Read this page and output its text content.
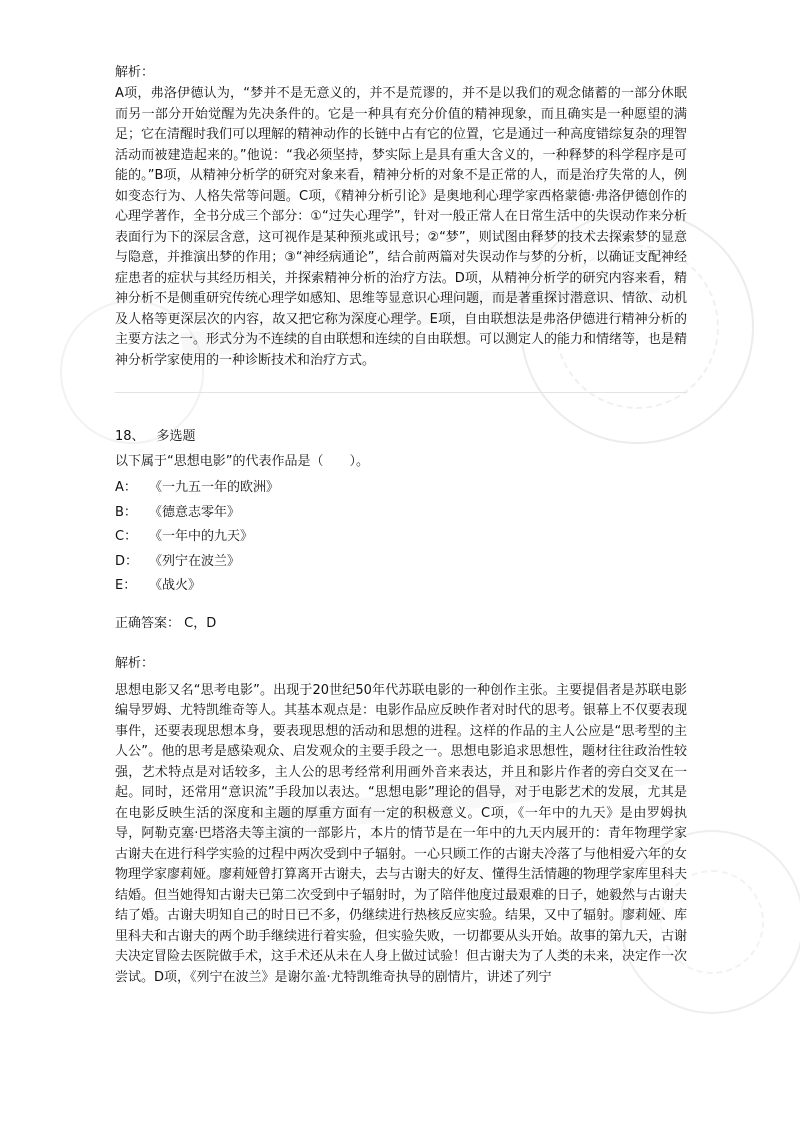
解析：

A项，弗洛伊德认为，“梦并不是无意义的，并不是荒谬的，并不是以我们的观念储蓄的一部分休眠而另一部分开始觉醒为先决条件的。它是一种具有充分价值的精神现象，而且确实是一种愿望的满足；它在清醒时我们可以理解的精神动作的长链中占有它的位置，它是通过一种高度错综复杂的理智活动而被建造起来的。”他说：“我必须坚持，梦实际上是具有重大含义的，一种释梦的科学程序是可能的。”B项，从精神分析学的研究对象来看，精神分析的对象不是正常的人，而是治疗失常的人，例如变态行为、人格失常等问题。C项，《精神分析引论》是奥地利心理学家西格蒙德·弗洛伊德创作的心理学著作，全书分成三个部分：①“过失心理学”，针对一般正常人在日常生活中的失误动作来分析表面行为下的深层含意，这可视作是某种预兆或讯号；②“梦”，则试图由释梦的技术去探索梦的显意与隐意，并推演出梦的作用；③“神经病通论”，结合前两篇对失误动作与梦的分析，以确证支配神经症患者的症状与其经历相关，并探索精神分析的治疗方法。D项，从精神分析学的研究内容来看，精神分析不是侧重研究传统心理学如感知、思维等显意识心理问题，而是著重探讨潜意识、情欲、动机及人格等更深层次的内容，故又把它称为深度心理学。E项，自由联想法是弗洛伊德进行精神分析的主要方法之一。形式分为不连续的自由联想和连续的自由联想。可以测定人的能力和情绪等，也是精神分析学家使用的一种诊断技术和治疗方式。

18、 多选题
以下属于“思想电影”的代表作品是（　　）。
A： 《一九五一年的欧洲》
B： 《德意志零年》
C： 《一年中的九天》
D： 《列宁在波兰》
E： 《战火》
正确答案： C，D
解析：

思想电影又名“思考电影”。出现于20世纪50年代苏联电影的一种创作主张。主要提倡者是苏联电影编导罗姆、尤特凯维奇等人。其基本观点是：电影作品应反映作者对时代的思考。银幕上不仅要表现事件，还要表现思想本身，要表现思想的活动和思想的进程。这样的作品的主人公应是“思考型的主人公”。他的思考是感染观众、启发观众的主要手段之一。思想电影追求思想性，题材往往政治性较强，艺术特点是对话较多，主人公的思考经常利用画外音来表达，并且和影片作者的旁白交叉在一起。同时，还常用“意识流”手段加以表达。“思想电影”理论的倡导，对于电影艺术的发展，尤其是在电影反映生活的深度和主题的厚重方面有一定的积极意义。C项，《一年中的九天》是由罗姆执导，阿勒克塞·巴塔洛夫等主演的一部影片，本片的情节是在一年中的九天内展开的：青年物理学家古谢夫在进行科学实验的过程中两次受到中子辐射。一心只顾工作的古谢夫冷落了与他相爱六年的女物理学家廖莉娅。廖莉娅曾打算离开古谢夫，去与古谢夫的好友、懂得生活情趣的物理学家库里科夫结婚。但当她得知古谢夫已第二次受到中子辐射时，为了陪伴他度过最艰难的日子，她毅然与古谢夫结了婚。古谢夫明知自己的时日已不多，仍继续进行热核反应实验。结果，又中了辐射。廖莉娅、库里科夫和古谢夫的两个助手继续进行着实验，但实验失败，一切都要从头开始。故事的第九天，古谢夫决定冒险去医院做手术，这手术还从未在人身上做过试验！但古谢夫为了人类的未来，决定作一次尝试。D项，《列宁在波兰》是谢尔盖·尤特凯维奇执导的剧情片，讲述了列宁
